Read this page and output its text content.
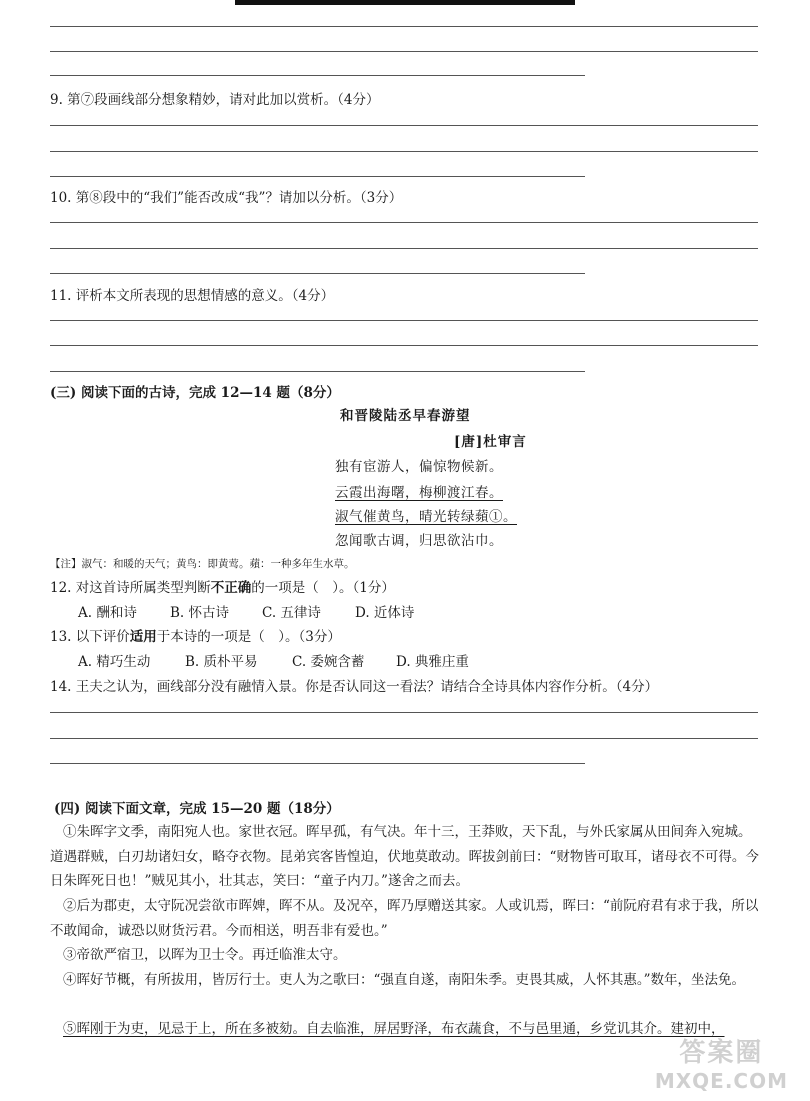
9. 第⑦段画线部分想象精妙，请对此加以赏析。（4分）
10. 第⑧段中的“我们”能否改成“我”？请加以分析。（3分）
11. 评析本文所表现的思想情感的意义。（4分）
(三) 阅读下面的古诗，完成 12—14 题（8分）
和晋陵陆丞早春游望
[唐]杜审言
独有宦游人，偏惊物候新。
云霞出海曙，梅柳渡江春。
淑气催黄鸟，晴光转绿蘋①。
忽闻歌古调，归思欲沾巾。
【注】淑气：和暖的天气；黄鸟：即黄莺。蘋：一种多年生水草。
12. 对这首诗所属类型判断不正确的一项是（　）。（1分）
A. 酬和诗 B. 怀古诗 C. 五律诗	D. 近体诗
13. 以下评价适用于本诗的一项是（　）。（3分）
A. 精巧生动	B. 质朴平易	C. 委婉含蓄 D. 典雅庄重
14. 王夫之认为，画线部分没有融情入景。你是否认同这一看法？请结合全诗具体内容作分析。（4分）
(四) 阅读下面文章，完成 15—20 题（18分）
①朱晖字文季，南阳宛人也。家世衣冠。晖早孤，有气决。年十三，王莽败，天下乱，与外氏家属从田间奔入宛城。道遇群贼，白刃劫诸妇女，略夺衣物。昆弟宾客皆惶迫，伏地莫敢动。晖拔剑前曰：“财物皆可取耳，诸母衣不可得。今日朱晖死日也！”贼见其小，壮其志，笑曰：“童子内刀。”遂舍之而去。
②后为郡吏，太守阮况尝欲市晖婢，晖不从。及况卒，晖乃厚赠送其家。人或讥焉，晖曰：“前阮府君有求于我，所以不敢闻命，诚恐以财货污君。今而相送，明吾非有爱也。”
③帝欲严宿卫，以晖为卫士令。再迁临淮太守。
④晖好节概，有所拔用，皆厉行士。吏人为之歌曰：“强直自遂，南阳朱季。吏畏其威，人怀其惠。”数年，坐法免。
⑤晖刚于为吏，见忌于上，所在多被劾。自去临淮，屏居野泽，布衣蔬食，不与邑里通，乡党讥其介。建初中，
答案圈
MXQE.COM
